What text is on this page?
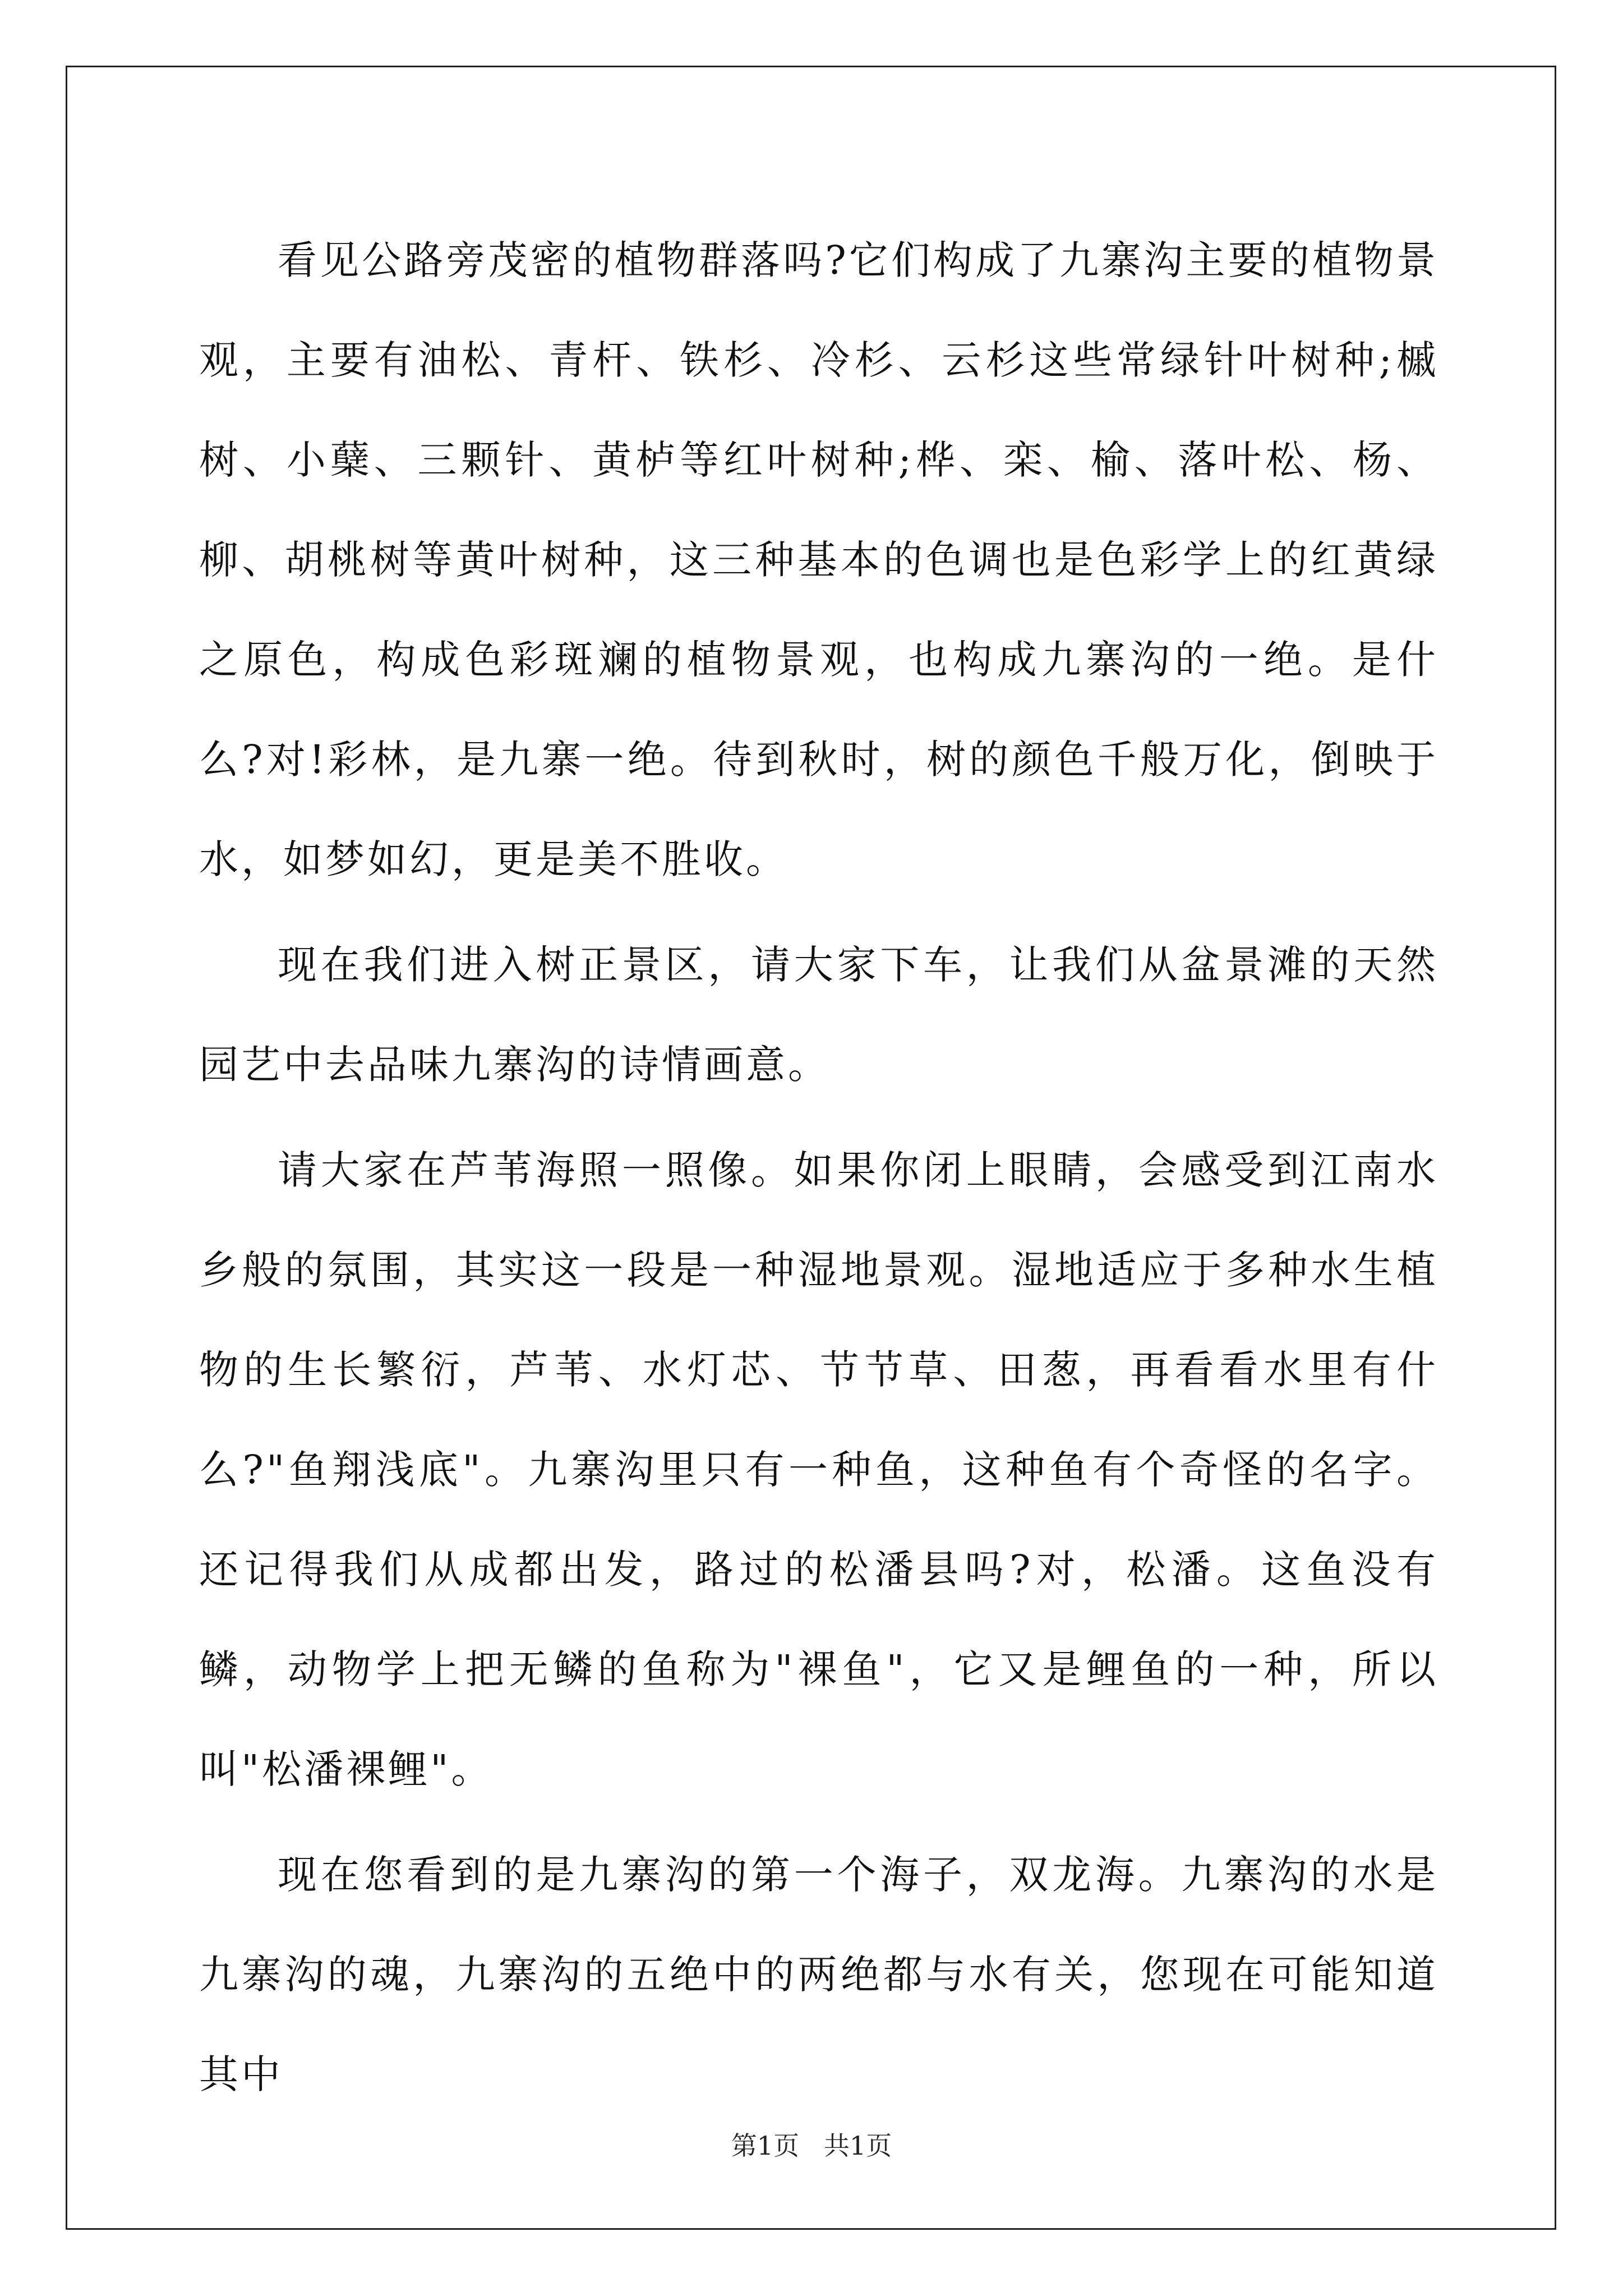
看见公路旁茂密的植物群落吗?它们构成了九寨沟主要的植物景观，主要有油松、青杆、铁杉、冷杉、云杉这些常绿针叶树种;槭 树、小蘖、三颗针、黄栌等红叶树种;桦、栾、榆、落叶松、杨、柳、胡桃树等黄叶树种，这三种基本的色调也是色彩学上的红黄绿之原色，构成色彩斑斓的植物景观，也构成九寨沟的一绝。是什么?对!彩林，是九寨一绝。待到秋时，树的颜色千般万化，倒映于水，如梦如幻，更是美不胜收。

现在我们进入树正景区，请大家下车，让我们从盆景滩的天然园艺中去品味九寨沟的诗情画意。

请大家在芦苇海照一照像。如果你闭上眼睛，会感受到江南水乡般的氛围，其实这一段是一种湿地景观。湿地适应于多种水生植物的生长繁衍，芦苇、水灯芯、节节草、田葱，再看看水里有什么?"鱼翔浅底"。九寨沟里只有一种鱼，这种鱼有个奇怪的名字。还记得我们从成都出发，路过的松潘县吗?对，松潘。这鱼没有鳞，动物学上把无鳞的鱼称为"裸鱼"，它又是鲤鱼的一种，所以叫"松潘裸鲤"。

现在您看到的是九寨沟的第一个海子，双龙海。九寨沟的水是九寨沟的魂，九寨沟的五绝中的两绝都与水有关，您现在可能知道其中

第1页   共1页
